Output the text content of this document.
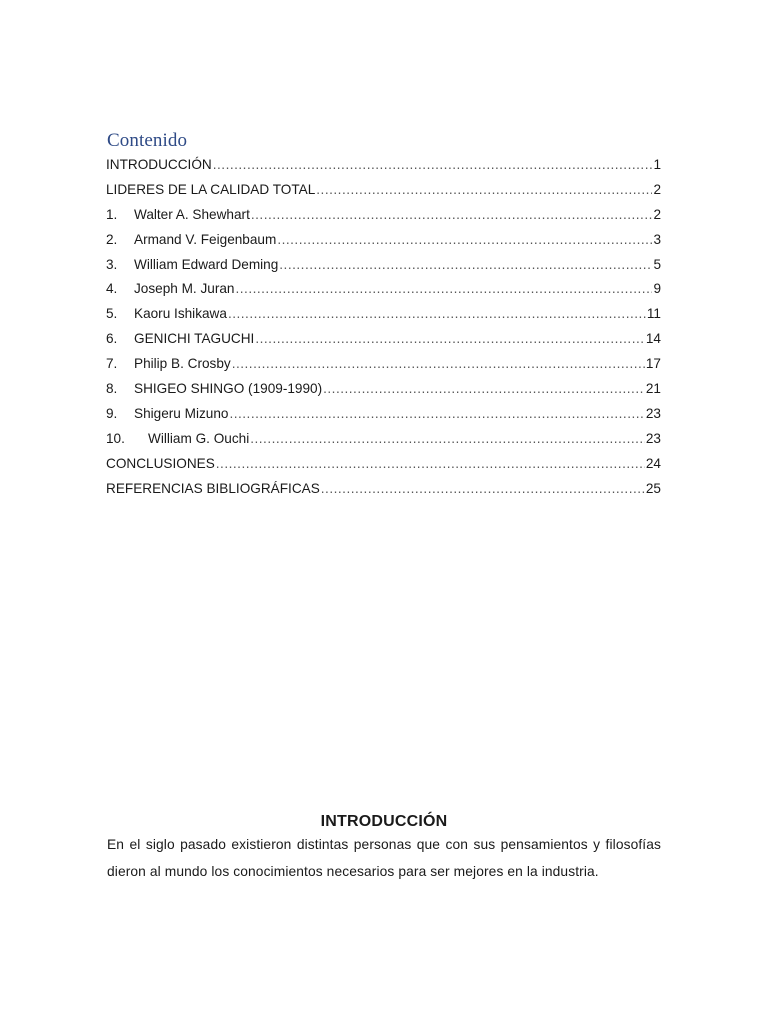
Contenido
INTRODUCCIÓN .....	1
LIDERES DE LA CALIDAD TOTAL .....	2
1.	Walter A. Shewhart .....	2
2.	Armand V. Feigenbaum .....	3
3.	William Edward Deming .....	5
4.	Joseph M. Juran .....	9
5.	Kaoru Ishikawa .....	11
6.	GENICHI TAGUCHI .....	14
7.	Philip B. Crosby .....	17
8.	SHIGEO SHINGO (1909-1990) .....	21
9.	Shigeru Mizuno .....	23
10.	William G. Ouchi .....	23
CONCLUSIONES .....	24
REFERENCIAS BIBLIOGRÁFICAS .....	25
INTRODUCCIÓN
En el siglo pasado existieron distintas personas que con sus pensamientos y filosofías dieron al mundo los conocimientos necesarios para ser mejores en la industria.
